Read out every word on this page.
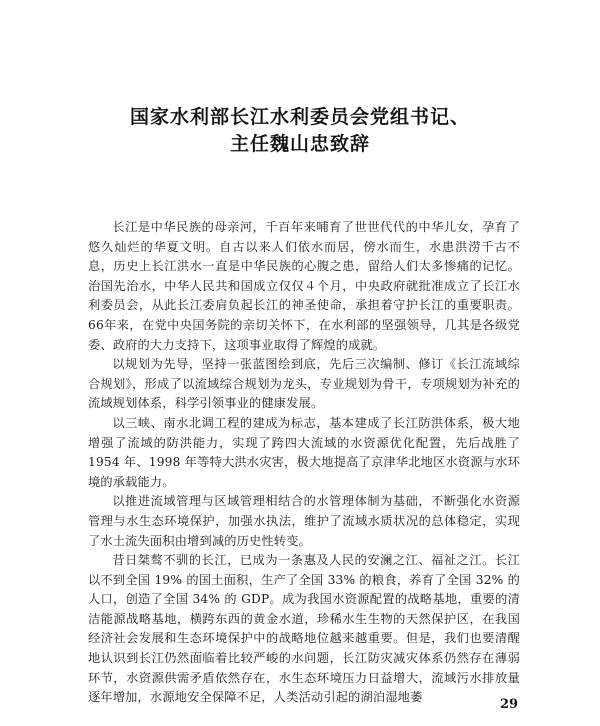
国家水利部长江水利委员会党组书记、
主任魏山忠致辞

长江是中华民族的母亲河，千百年来哺育了世世代代的中华儿女，孕育了悠久灿烂的华夏文明。自古以来人们依水而居，傍水而生，水患洪涝千古不息，历史上长江洪水一直是中华民族的心腹之患，留给人们太多惨痛的记忆。治国先治水，中华人民共和国成立仅仅４个月，中央政府就批准成立了长江水利委员会，从此长江委肩负起长江的神圣使命，承担着守护长江的重要职责。66年来，在党中央国务院的亲切关怀下，在水利部的坚强领导，几其是各级党委、政府的大力支持下，这项事业取得了辉煌的成就。

以规划为先导，坚持一张蓝图绘到底，先后三次编制、修订《长江流域综合规划》，形成了以流域综合规划为龙头，专业规划为骨干，专项规划为补充的流域规划体系，科学引领事业的健康发展。

以三峡、南水北调工程的建成为标志，基本建成了长江防洪体系，极大地增强了流域的防洪能力，实现了跨四大流域的水资源优化配置，先后战胜了 1954 年、1998 年等特大洪水灾害，极大地提高了京津华北地区水资源与水环境的承载能力。

以推进流域管理与区域管理相结合的水管理体制为基础，不断强化水资源管理与水生态环境保护，加强水执法，维护了流域水质状况的总体稳定，实现了水土流失面积由增到减的历史性转变。

昔日桀骜不驯的长江，已成为一条惠及人民的安澜之江、福祉之江。长江以不到全国 19% 的国土面积，生产了全国 33% 的粮食，养育了全国 32% 的人口，创造了全国 34% 的 GDP。成为我国水资源配置的战略基地，重要的清洁能源战略基地，横跨东西的黄金水道，珍稀水生生物的天然保护区，在我国经济社会发展和生态环境保护中的战略地位越来越重要。但是，我们也要清醒地认识到长江仍然面临着比较严峻的水问题，长江防灾减灾体系仍然存在薄弱环节，水资源供需矛盾依然存在，水生态环境压力日益增大，流域污水排放量逐年增加，水源地安全保障不足，人类活动引起的湖泊湿地萎	29
